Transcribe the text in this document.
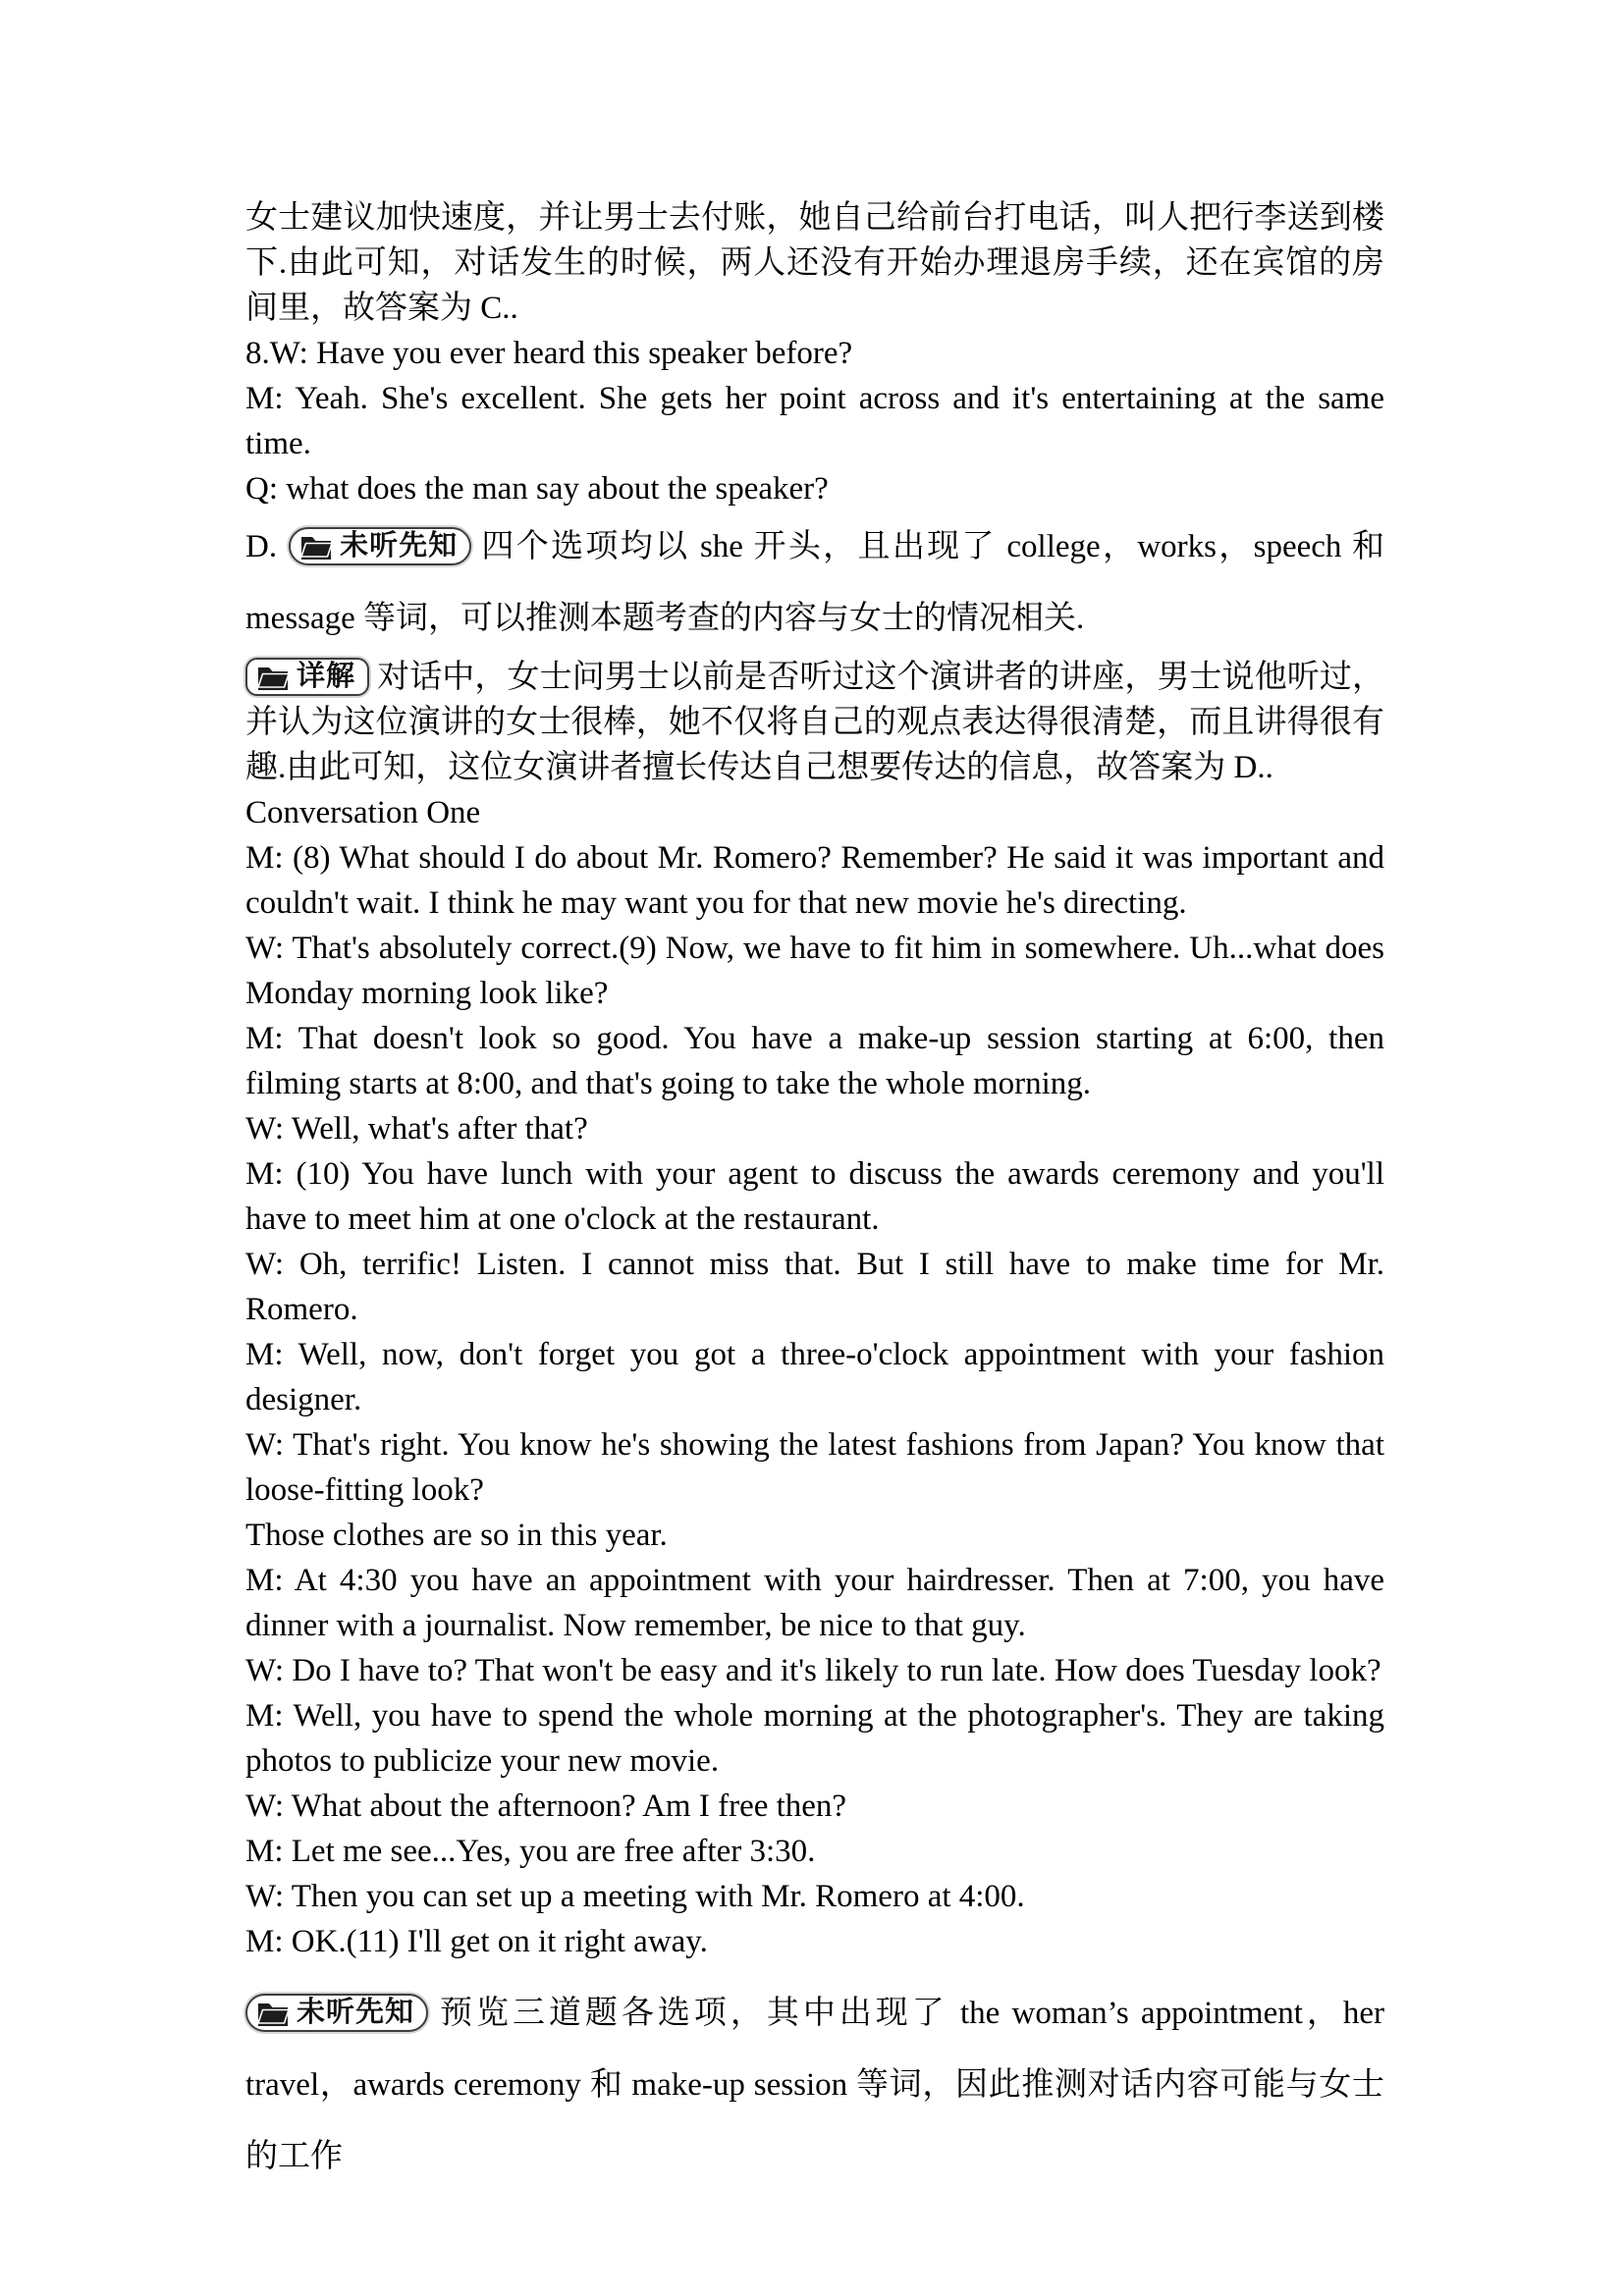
女士建议加快速度，并让男士去付账，她自己给前台打电话，叫人把行李送到楼下.由此可知，对话发生的时候，两人还没有开始办理退房手续，还在宾馆的房间里，故答案为 C..

8.W: Have you ever heard this speaker before?

M: Yeah. She's excellent. She gets her point across and it's entertaining at the same time.

Q: what does the man say about the speaker?

D. 未听先知 四个选项均以 she 开头，且出现了 college，works，speech 和 message 等词，可以推测本题考查的内容与女士的情况相关.

详解 对话中，女士问男士以前是否听过这个演讲者的讲座，男士说他听过，并认为这位演讲的女士很棒，她不仅将自己的观点表达得很清楚，而且讲得很有趣.由此可知，这位女演讲者擅长传达自己想要传达的信息，故答案为 D..

Conversation One

M: (8) What should I do about Mr. Romero? Remember? He said it was important and couldn't wait. I think he may want you for that new movie he's directing.

W: That's absolutely correct.(9) Now, we have to fit him in somewhere. Uh...what does Monday morning look like?

M: That doesn't look so good. You have a make-up session starting at 6:00, then filming starts at 8:00, and that's going to take the whole morning.

W: Well, what's after that?

M: (10) You have lunch with your agent to discuss the awards ceremony and you'll have to meet him at one o'clock at the restaurant.

W: Oh, terrific! Listen. I cannot miss that. But I still have to make time for Mr. Romero.

M: Well, now, don't forget you got a three-o'clock appointment with your fashion designer.

W: That's right. You know he's showing the latest fashions from Japan? You know that loose-fitting look?

Those clothes are so in this year.

M: At 4:30 you have an appointment with your hairdresser. Then at 7:00, you have dinner with a journalist. Now remember, be nice to that guy.

W: Do I have to? That won't be easy and it's likely to run late. How does Tuesday look?

M: Well, you have to spend the whole morning at the photographer's. They are taking photos to publicize your new movie.

W: What about the afternoon? Am I free then?

M: Let me see...Yes, you are free after 3:30.

W: Then you can set up a meeting with Mr. Romero at 4:00.

M: OK.(11) I'll get on it right away.

未听先知 预览三道题各选项，其中出现了 the woman’s appointment，her travel，awards ceremony 和 make-up session 等词，因此推测对话内容可能与女士的工作
